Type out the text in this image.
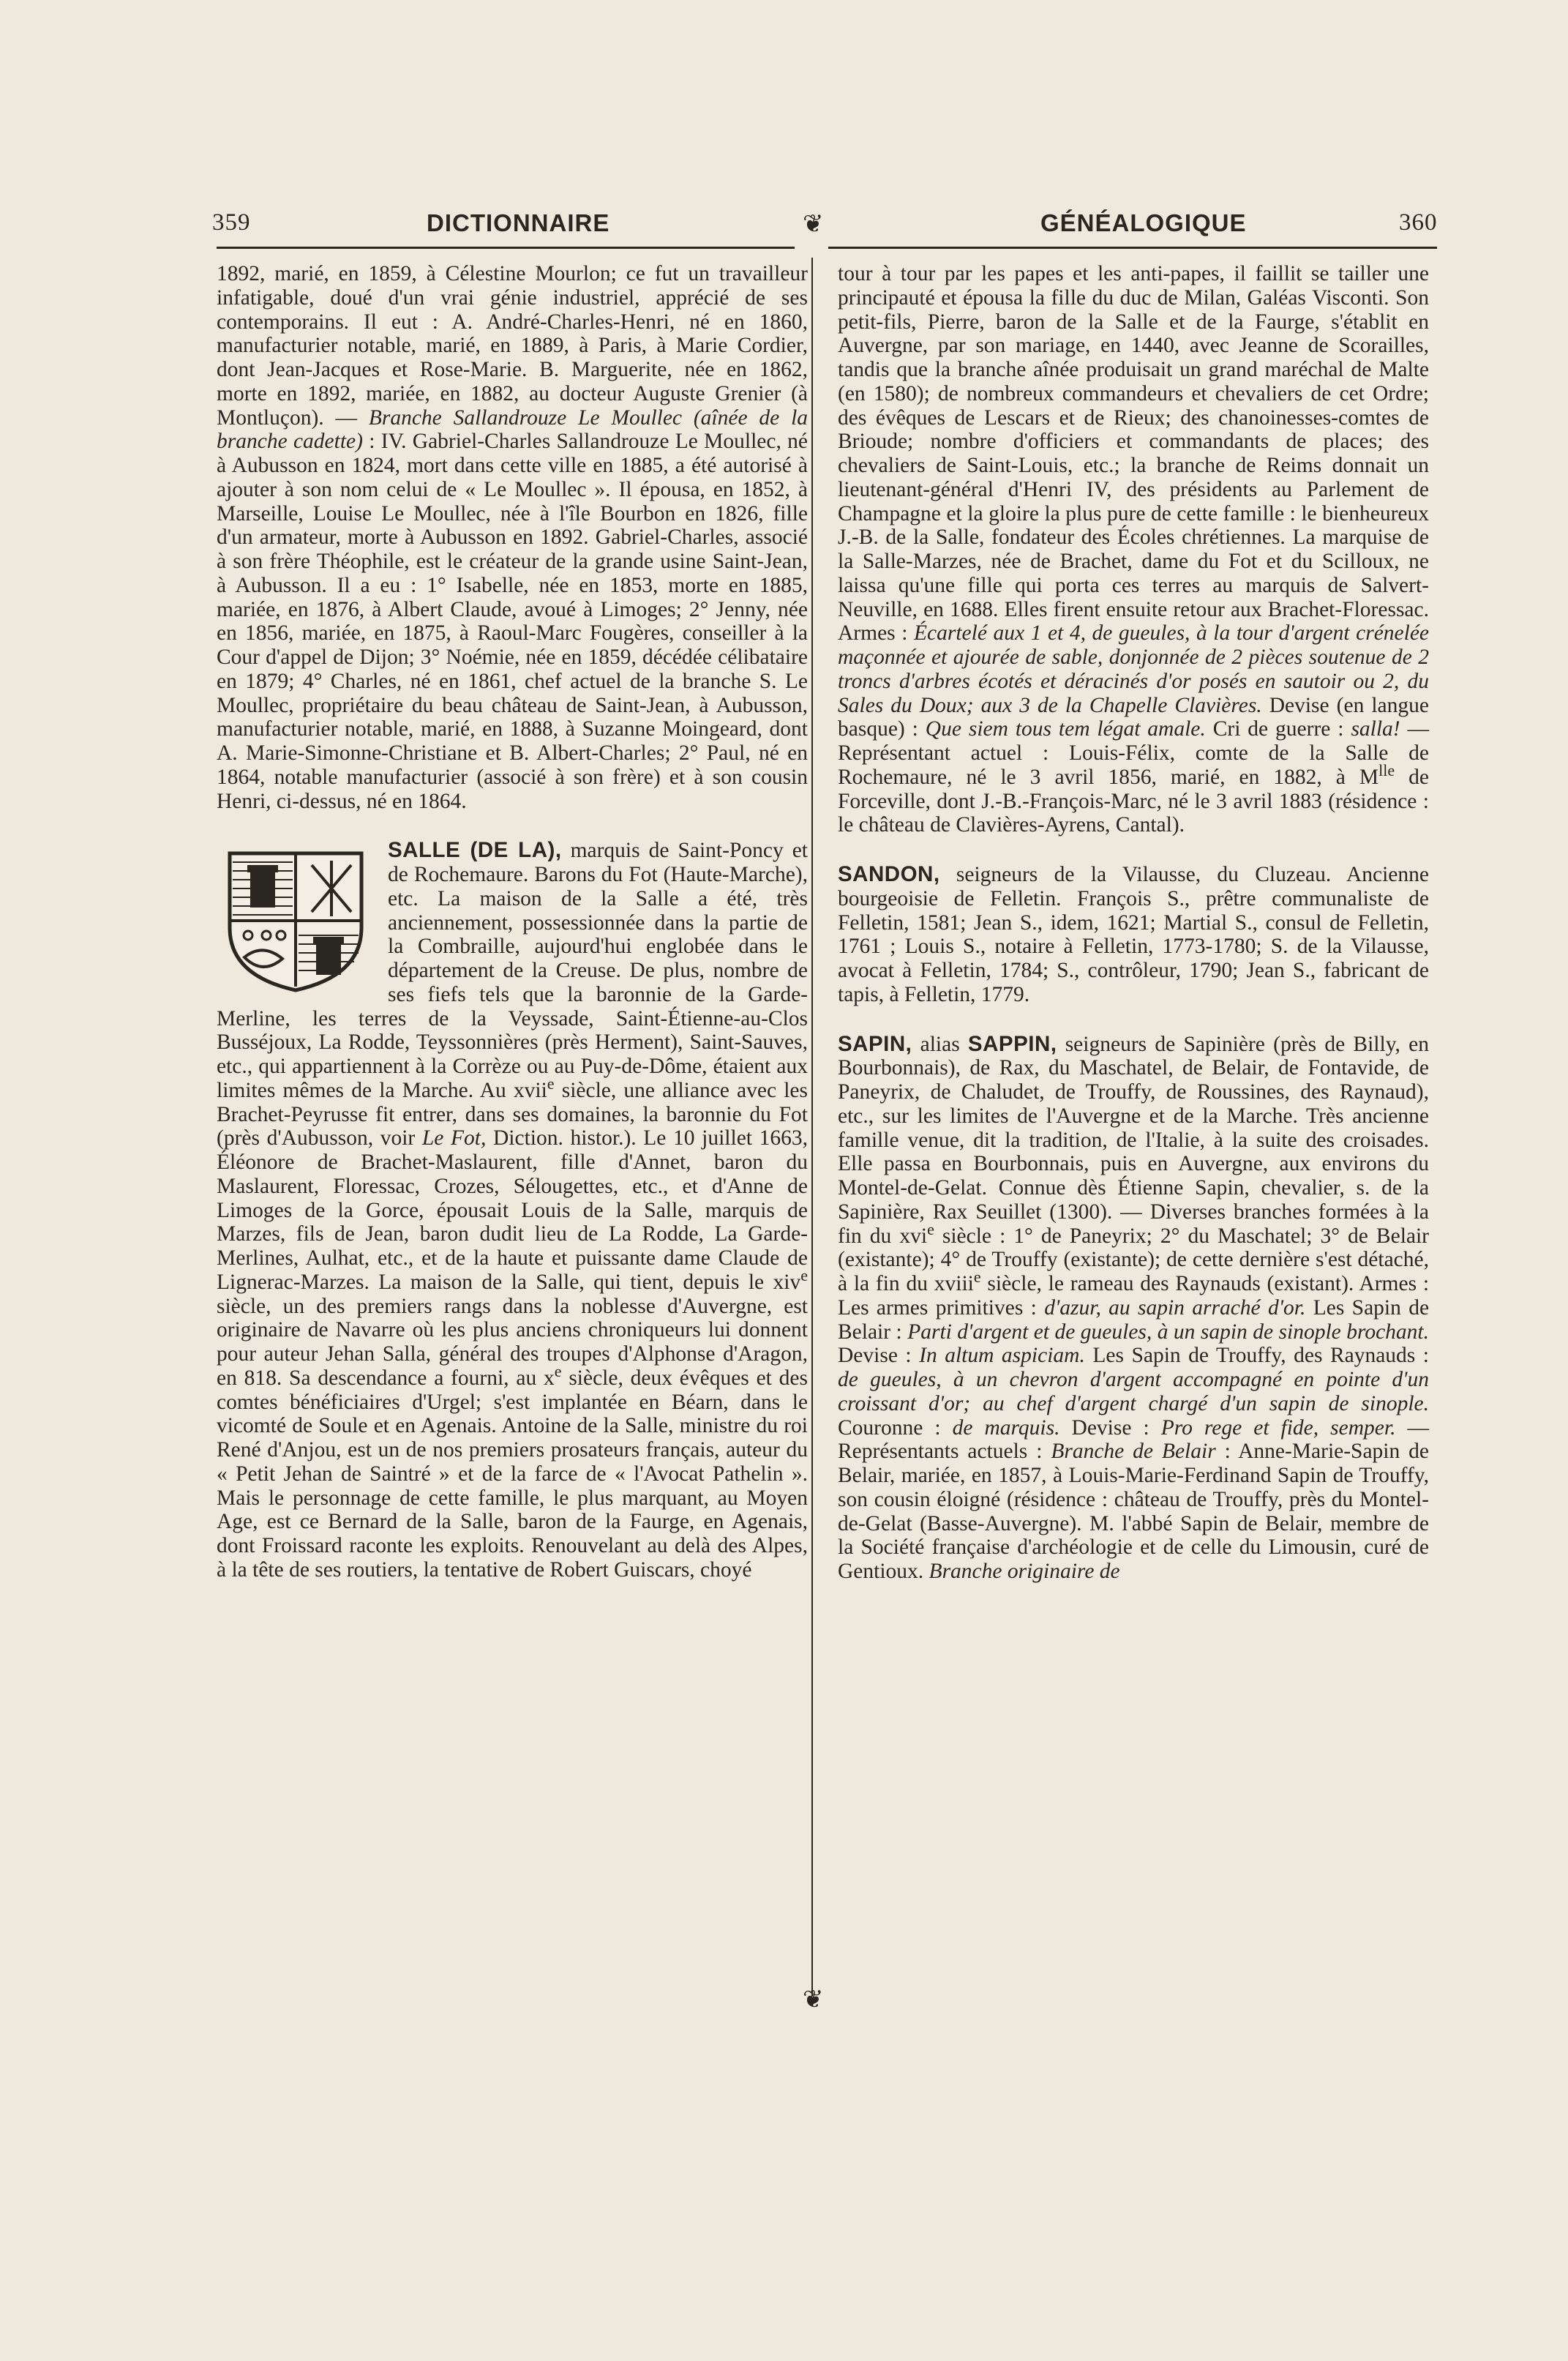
359	DICTIONNAIRE	❦	GÉNÉALOGIQUE	360
❦

1892, marié, en 1859, à Célestine Mourlon; ce fut un travailleur infatigable, doué d'un vrai génie industriel, apprécié de ses contemporains. Il eut : A. André-Charles-Henri, né en 1860, manufacturier notable, marié, en 1889, à Paris, à Marie Cordier, dont Jean-Jacques et Rose-Marie. B. Marguerite, née en 1862, morte en 1892, mariée, en 1882, au docteur Auguste Grenier (à Montluçon). — Branche Sallandrouze Le Moullec (aînée de la branche cadette) : IV. Gabriel-Charles Sallandrouze Le Moullec, né à Aubusson en 1824, mort dans cette ville en 1885, a été autorisé à ajouter à son nom celui de « Le Moullec ». Il épousa, en 1852, à Marseille, Louise Le Moullec, née à l'île Bourbon en 1826, fille d'un armateur, morte à Aubusson en 1892. Gabriel-Charles, associé à son frère Théophile, est le créateur de la grande usine Saint-Jean, à Aubusson. Il a eu : 1° Isabelle, née en 1853, morte en 1885, mariée, en 1876, à Albert Claude, avoué à Limoges; 2° Jenny, née en 1856, mariée, en 1875, à Raoul-Marc Fougères, conseiller à la Cour d'appel de Dijon; 3° Noémie, née en 1859, décédée célibataire en 1879; 4° Charles, né en 1861, chef actuel de la branche S. Le Moullec, propriétaire du beau château de Saint-Jean, à Aubusson, manufacturier notable, marié, en 1888, à Suzanne Moingeard, dont A. Marie-Simonne-Christiane et B. Albert-Charles; 2° Paul, né en 1864, notable manufacturier (associé à son frère) et à son cousin Henri, ci-dessus, né en 1864.

SALLE (DE LA), marquis de Saint-Poncy et de Rochemaure. Barons du Fot (Haute-Marche), etc. La maison de la Salle a été, très anciennement, possessionnée dans la partie de la Combraille, aujourd'hui englobée dans le département de la Creuse. De plus, nombre de ses fiefs tels que la baronnie de la Garde-Merline, les terres de la Veyssade, Saint-Étienne-au-Clos Busséjoux, La Rodde, Teyssonnières (près Herment), Saint-Sauves, etc., qui appartiennent à la Corrèze ou au Puy-de-Dôme, étaient aux limites mêmes de la Marche. Au xvii$^e$ siècle, une alliance avec les Brachet-Peyrusse fit entrer, dans ses domaines, la baronnie du Fot (près d'Aubusson, voir Le Fot, Diction. histor.). Le 10 juillet 1663, Éléonore de Brachet-Maslaurent, fille d'Annet, baron du Maslaurent, Floressac, Crozes, Sélougettes, etc., et d'Anne de Limoges de la Gorce, épousait Louis de la Salle, marquis de Marzes, fils de Jean, baron dudit lieu de La Rodde, La Garde-Merlines, Aulhat, etc., et de la haute et puissante dame Claude de Lignerac-Marzes. La maison de la Salle, qui tient, depuis le xiv$^e$ siècle, un des premiers rangs dans la noblesse d'Auvergne, est originaire de Navarre où les plus anciens chroniqueurs lui donnent pour auteur Jehan Salla, général des troupes d'Alphonse d'Aragon, en 818. Sa descendance a fourni, au $x^e$ siècle, deux évêques et des comtes bénéficiaires d'Urgel; s'est implantée en Béarn, dans le vicomté de Soule et en Agenais. Antoine de la Salle, ministre du roi René d'Anjou, est un de nos premiers prosateurs français, auteur du « Petit Jehan de Saintré » et de la farce de « l'Avocat Pathelin ». Mais le personnage de cette famille, le plus marquant, au Moyen Age, est ce Bernard de la Salle, baron de la Faurge, en Agenais, dont Froissard raconte les exploits. Renouvelant au delà des Alpes, à la tête de ses routiers, la tentative de Robert Guiscars, choyé

tour à tour par les papes et les anti-papes, il faillit se tailler une principauté et épousa la fille du duc de Milan, Galéas Visconti. Son petit-fils, Pierre, baron de la Salle et de la Faurge, s'établit en Auvergne, par son mariage, en 1440, avec Jeanne de Scorailles, tandis que la branche aînée produisait un grand maréchal de Malte (en 1580); de nombreux commandeurs et chevaliers de cet Ordre; des évêques de Lescars et de Rieux; des chanoinesses-comtes de Brioude; nombre d'officiers et commandants de places; des chevaliers de Saint-Louis, etc.; la branche de Reims donnait un lieutenant-général d'Henri IV, des présidents au Parlement de Champagne et la gloire la plus pure de cette famille : le bienheureux J.-B. de la Salle, fondateur des Écoles chrétiennes. La marquise de la Salle-Marzes, née de Brachet, dame du Fot et du Scilloux, ne laissa qu'une fille qui porta ces terres au marquis de Salvert-Neuville, en 1688. Elles firent ensuite retour aux Brachet-Floressac. Armes : Écartelé aux 1 et 4, de gueules, à la tour d'argent crénelée maçonnée et ajourée de sable, donjonnée de 2 pièces soutenue de 2 troncs d'arbres écotés et déracinés d'or posés en sautoir ou 2, du Sales du Doux; aux 3 de la Chapelle Clavières. Devise (en langue basque) : Que siem tous tem légat amale. Cri de guerre : salla! — Représentant actuel : Louis-Félix, comte de la Salle de Rochemaure, né le 3 avril 1856, marié, en 1882, à $M^{lle}$ de Forceville, dont J.-B.-François-Marc, né le 3 avril 1883 (résidence : le château de Clavières-Ayrens, Cantal).

SANDON, seigneurs de la Vilausse, du Cluzeau. Ancienne bourgeoisie de Felletin. François S., prêtre communaliste de Felletin, 1581; Jean S., idem, 1621; Martial S., consul de Felletin, 1761 ; Louis S., notaire à Felletin, 1773-1780; S. de la Vilausse, avocat à Felletin, 1784; S., contrôleur, 1790; Jean S., fabricant de tapis, à Felletin, 1779.

SAPIN, alias SAPPIN, seigneurs de Sapinière (près de Billy, en Bourbonnais), de Rax, du Maschatel, de Belair, de Fontavide, de Paneyrix, de Chaludet, de Trouffy, de Roussines, des Raynaud), etc., sur les limites de l'Auvergne et de la Marche. Très ancienne famille venue, dit la tradition, de l'Italie, à la suite des croisades. Elle passa en Bourbonnais, puis en Auvergne, aux environs du Montel-de-Gelat. Connue dès Étienne Sapin, chevalier, s. de la Sapinière, Rax Seuillet (1300). — Diverses branches formées à la fin du xvi$^e$ siècle : 1° de Paneyrix; 2° du Maschatel; 3° de Belair (existante); 4° de Trouffy (existante); de cette dernière s'est détaché, à la fin du xviii$^e$ siècle, le rameau des Raynauds (existant). Armes : Les armes primitives : d'azur, au sapin arraché d'or. Les Sapin de Belair : Parti d'argent et de gueules, à un sapin de sinople brochant. Devise : In altum aspiciam. Les Sapin de Trouffy, des Raynauds : de gueules, à un chevron d'argent accompagné en pointe d'un croissant d'or; au chef d'argent chargé d'un sapin de sinople. Couronne : de marquis. Devise : Pro rege et fide, semper. — Représentants actuels : Branche de Belair : Anne-Marie-Sapin de Belair, mariée, en 1857, à Louis-Marie-Ferdinand Sapin de Trouffy, son cousin éloigné (résidence : château de Trouffy, près du Montel-de-Gelat (Basse-Auvergne). M. l'abbé Sapin de Belair, membre de la Société française d'archéologie et de celle du Limousin, curé de Gentioux. Branche originaire de
